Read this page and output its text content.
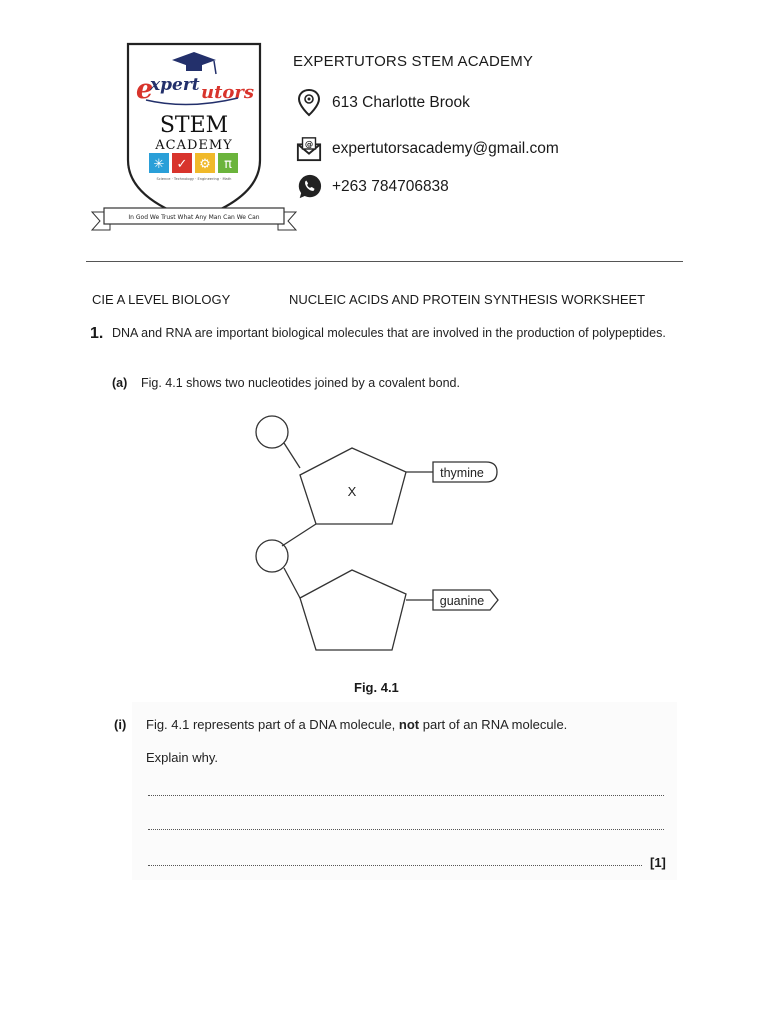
e
xpert utors
STEM
ACADEMY
✳ ✓ ⚙ π
Science · Technology · Engineering · Math
In God We Trust What Any Man Can We Can
EXPERTUTORS STEM ACADEMY
613 Charlotte Brook
@ expertutorsacademy@gmail.com
+263 784706838
CIE A LEVEL BIOLOGY	NUCLEIC ACIDS AND PROTEIN SYNTHESIS WORKSHEET
1. DNA and RNA are important biological molecules that are involved in the production of polypeptides.
(a) Fig. 4.1 shows two nucleotides joined by a covalent bond.
X
thymine
guanine
Fig. 4.1
(i) Fig. 4.1 represents part of a DNA molecule, not part of an RNA molecule.
Explain why.
[1]
